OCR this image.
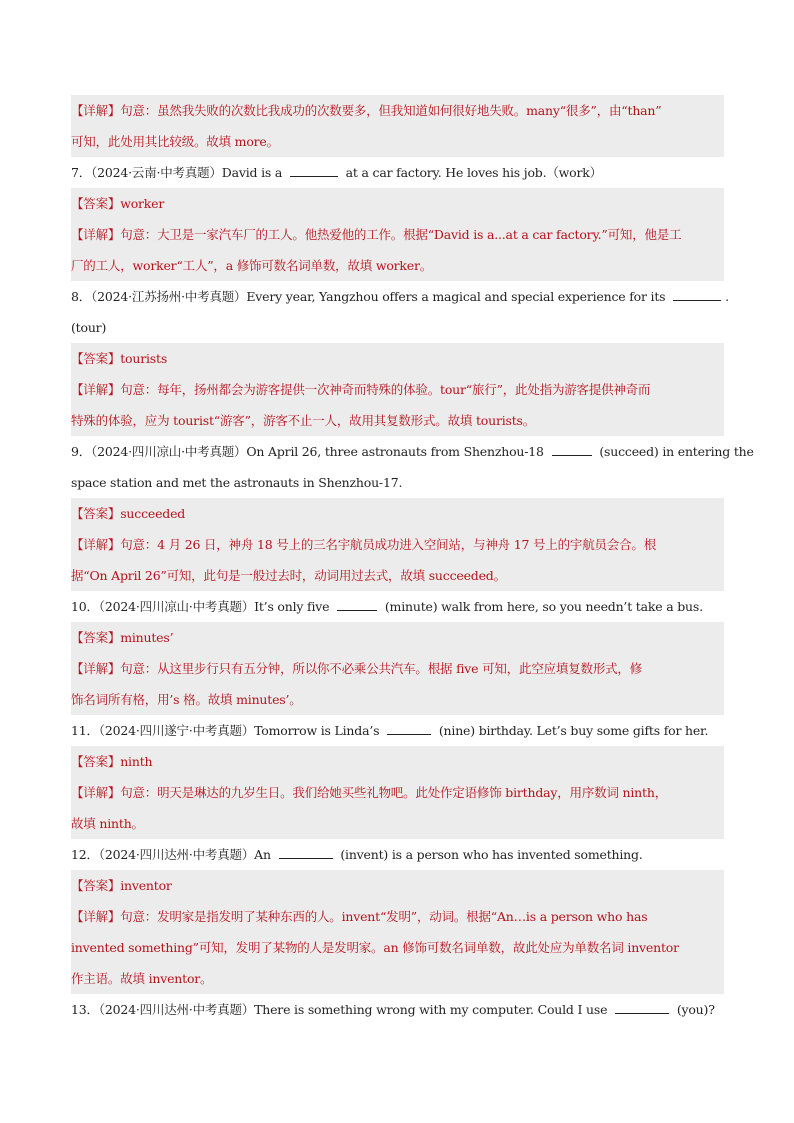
【详解】句意：虽然我失败的次数比我成功的次数要多，但我知道如何很好地失败。many“很多”，由“than”
可知，此处用其比较级。故填 more。
7．（2024·云南·中考真题）David is a	at a car factory. He loves his job.（work）
【答案】worker
【详解】句意：大卫是一家汽车厂的工人。他热爱他的工作。根据“David is a...at a car factory.”可知，他是工
厂的工人，worker“工人”，a 修饰可数名词单数，故填 worker。
8．（2024·江苏扬州·中考真题）Every year, Yangzhou offers a magical and special experience for its	.
(tour)
【答案】tourists
【详解】句意：每年，扬州都会为游客提供一次神奇而特殊的体验。tour“旅行”，此处指为游客提供神奇而
特殊的体验，应为 tourist“游客”，游客不止一人，故用其复数形式。故填 tourists。
9．（2024·四川凉山·中考真题）On April 26, three astronauts from Shenzhou-18	(succeed) in entering the
space station and met the astronauts in Shenzhou-17.
【答案】succeeded
【详解】句意：4 月 26 日，神舟 18 号上的三名宇航员成功进入空间站，与神舟 17 号上的宇航员会合。根
据“On April 26”可知，此句是一般过去时，动词用过去式，故填 succeeded。
10．（2024·四川凉山·中考真题）It’s only five	(minute) walk from here, so you needn’t take a bus.
【答案】minutes’
【详解】句意：从这里步行只有五分钟，所以你不必乘公共汽车。根据 five 可知，此空应填复数形式，修
饰名词所有格，用’s 格。故填 minutes’。
11．（2024·四川遂宁·中考真题）Tomorrow is Linda’s	(nine) birthday. Let’s buy some gifts for her.
【答案】ninth
【详解】句意：明天是琳达的九岁生日。我们给她买些礼物吧。此处作定语修饰 birthday，用序数词 ninth，
故填 ninth。
12．（2024·四川达州·中考真题）An	(invent) is a person who has invented something.
【答案】inventor
【详解】句意：发明家是指发明了某种东西的人。invent“发明”，动词。根据“An…is a person who has
invented something”可知，发明了某物的人是发明家。an 修饰可数名词单数，故此处应为单数名词 inventor
作主语。故填 inventor。
13．（2024·四川达州·中考真题）There is something wrong with my computer. Could I use	(you)?
